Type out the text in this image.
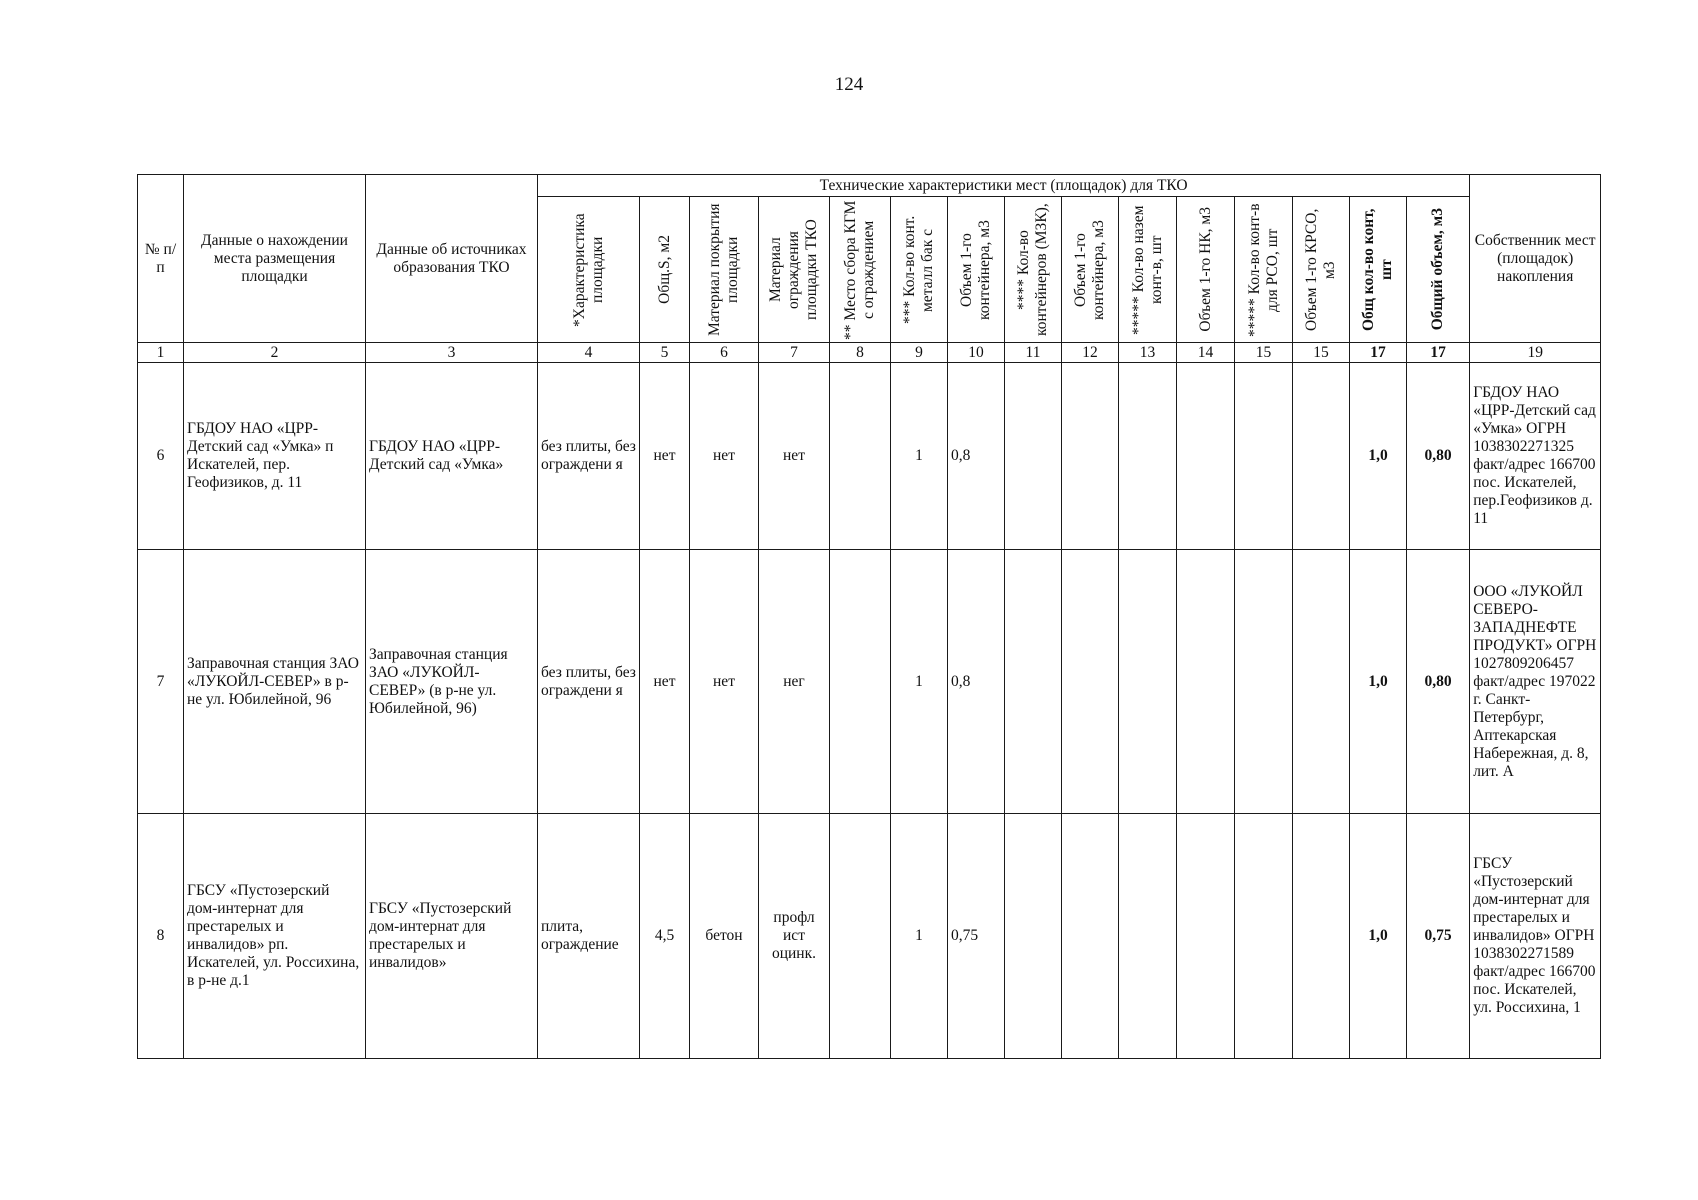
124
№ п/п	Данные о нахождении места размещения площадки	Данные об источниках образования ТКО	Технические характеристики мест (площадок) для ТКО															Собственник мест (площадок) накопления

			*Характеристика площадки	Общ.S, м2	Материал покрытия площадки	Материал ограждения площадки ТКО	** Место сбора КГМ с ограждением	*** Кол-во конт. металл бак с	Объем 1-го контейнера, м3	**** Кол-во контейнеров (МЗК),	Объем 1-го контейнера, м3	***** Кол-во назем конт-в, шт	Объем 1-го НК, м3	***** Кол-во конт-в для РСО, шт	Объем 1-го КРСО, м3	Общ кол-во конт, шт	Общий объем, м3	

1	2	3	4	5	6	7	8	9	10	11	12	13	14	15	15	17	17	19
6	ГБДОУ НАО «ЦРР-Детский сад «Умка» п Искателей, пер. Геофизиков, д. 11	ГБДОУ НАО «ЦРР-Детский сад «Умка»	без плиты, без ограждени я	нет	нет	нет		1	0,8							1,0	0,80	ГБДОУ НАО «ЦРР-Детский сад «Умка» ОГРН 1038302271325 факт/адрес 166700 пос. Искателей, пер.Геофизиков д. 11
7	Заправочная станция ЗАО «ЛУКОЙЛ-СЕВЕР» в р-не ул. Юбилейной, 96	Заправочная станция ЗАО «ЛУКОЙЛ-СЕВЕР» (в р-не ул. Юбилейной, 96)	без плиты, без ограждени я	нет	нет	нег		1	0,8							1,0	0,80	ООО «ЛУКОЙЛ СЕВЕРО-ЗАПАДНЕФТЕ ПРОДУКТ» ОГРН 1027809206457 факт/адрес 197022 г. Санкт-Петербург, Аптекарская Набережная, д. 8, лит. А
8	ГБСУ «Пустозерский дом-интернат для престарелых и инвалидов» рп. Искателей, ул. Россихина, в р-не д.1	ГБСУ «Пустозерский дом-интернат для престарелых и инвалидов»	плита, ограждение	4,5	бетон	профл ист оцинк.		1	0,75							1,0	0,75	ГБСУ «Пустозерский дом-интернат для престарелых и инвалидов» ОГРН 1038302271589 факт/адрес 166700 пос. Искателей, ул. Россихина, 1
